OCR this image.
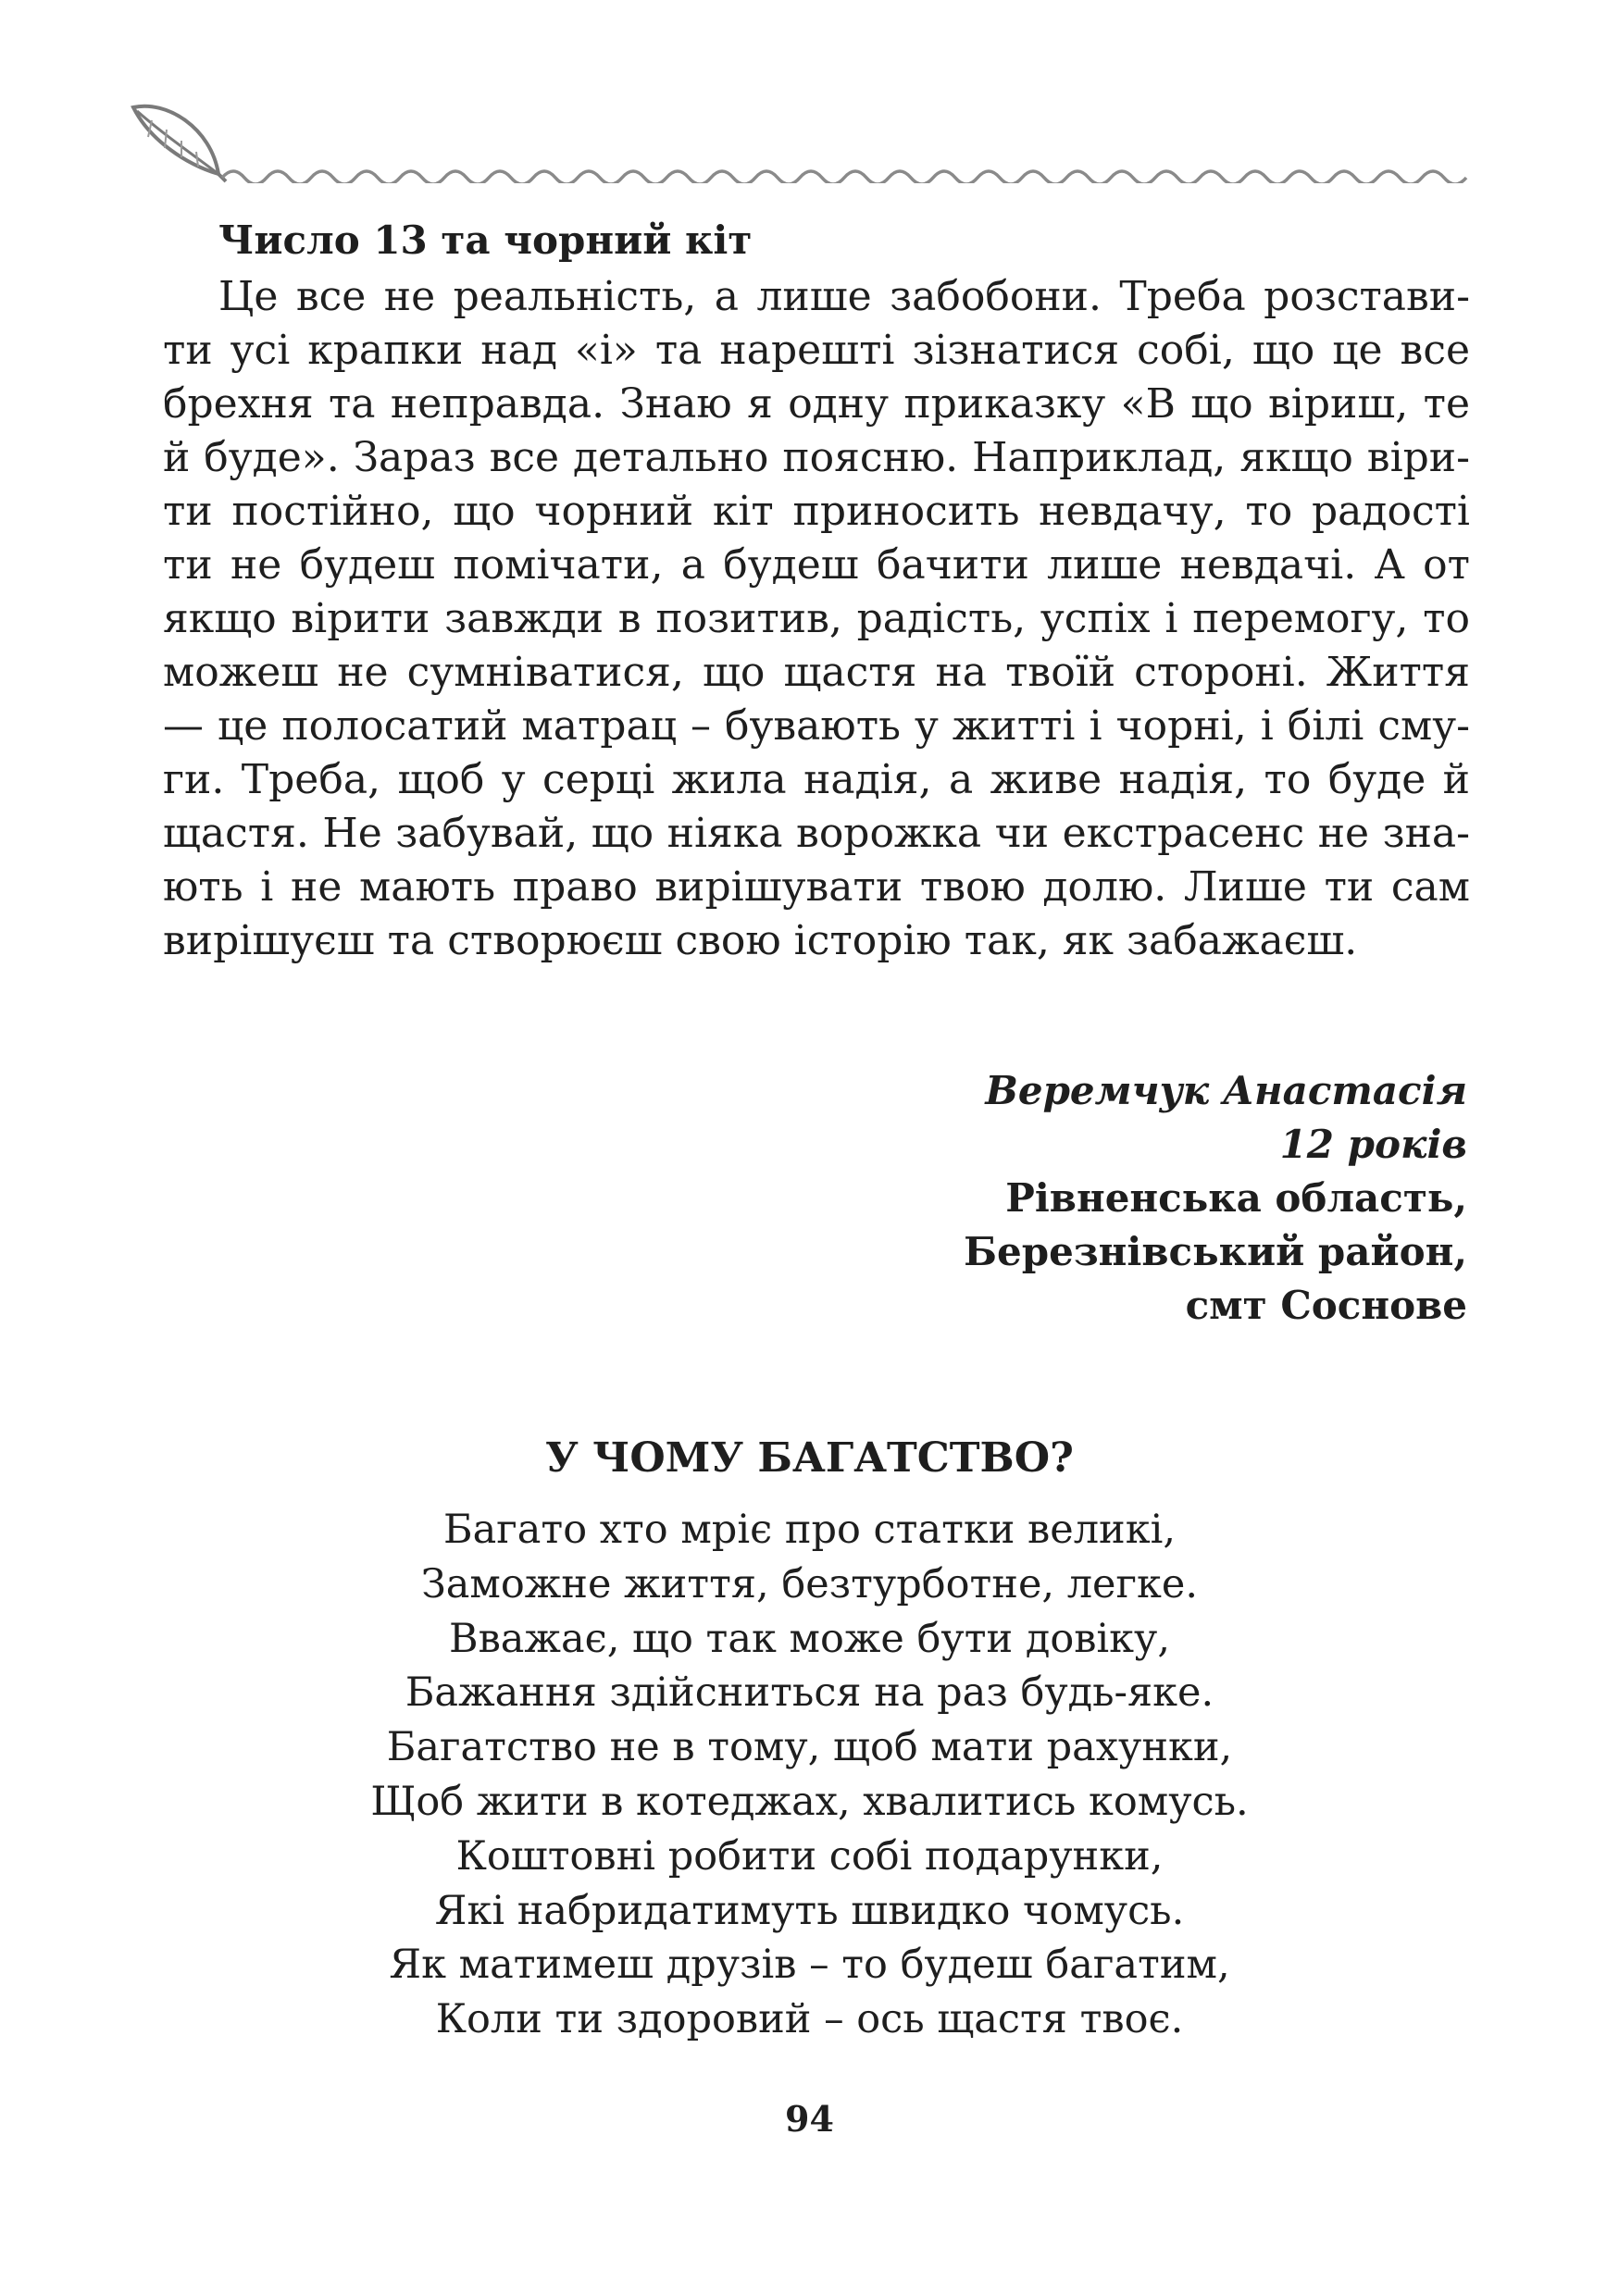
Число 13 та чорний кіт
Це все не реальність, а лише забобони. Треба розстави-
ти усі крапки над «і» та нарешті зізнатися собі, що це все
брехня та неправда. Знаю я одну приказку «В що віриш, те
й буде». Зараз все детально поясню. Наприклад, якщо віри-
ти постійно, що чорний кіт приносить невдачу, то радості
ти не будеш помічати, а будеш бачити лише невдачі. А от
якщо вірити завжди в позитив, радість, успіх і перемогу, то
можеш не сумніватися, що щастя на твоїй стороні. Життя
— це полосатий матрац – бувають у житті і чорні, і білі сму-
ги. Треба, щоб у серці жила надія, а живе надія, то буде й
щастя. Не забувай, що ніяка ворожка чи екстрасенс не зна-
ють і не мають право вирішувати твою долю. Лише ти сам
вирішуєш та створюєш свою історію так, як забажаєш.
Веремчук Анастасія
12 років
Рівненська область,
Березнівський район,
смт Соснове
У ЧОМУ БАГАТСТВО?
Багато хто мріє про статки великі,
Заможне життя, безтурботне, легке.
Вважає, що так може бути довіку,
Бажання здійсниться на раз будь-яке.
Багатство не в тому, щоб мати рахунки,
Щоб жити в котеджах, хвалитись комусь.
Коштовні робити собі подарунки,
Які набридатимуть швидко чомусь.
Як матимеш друзів – то будеш багатим,
Коли ти здоровий – ось щастя твоє.
94
